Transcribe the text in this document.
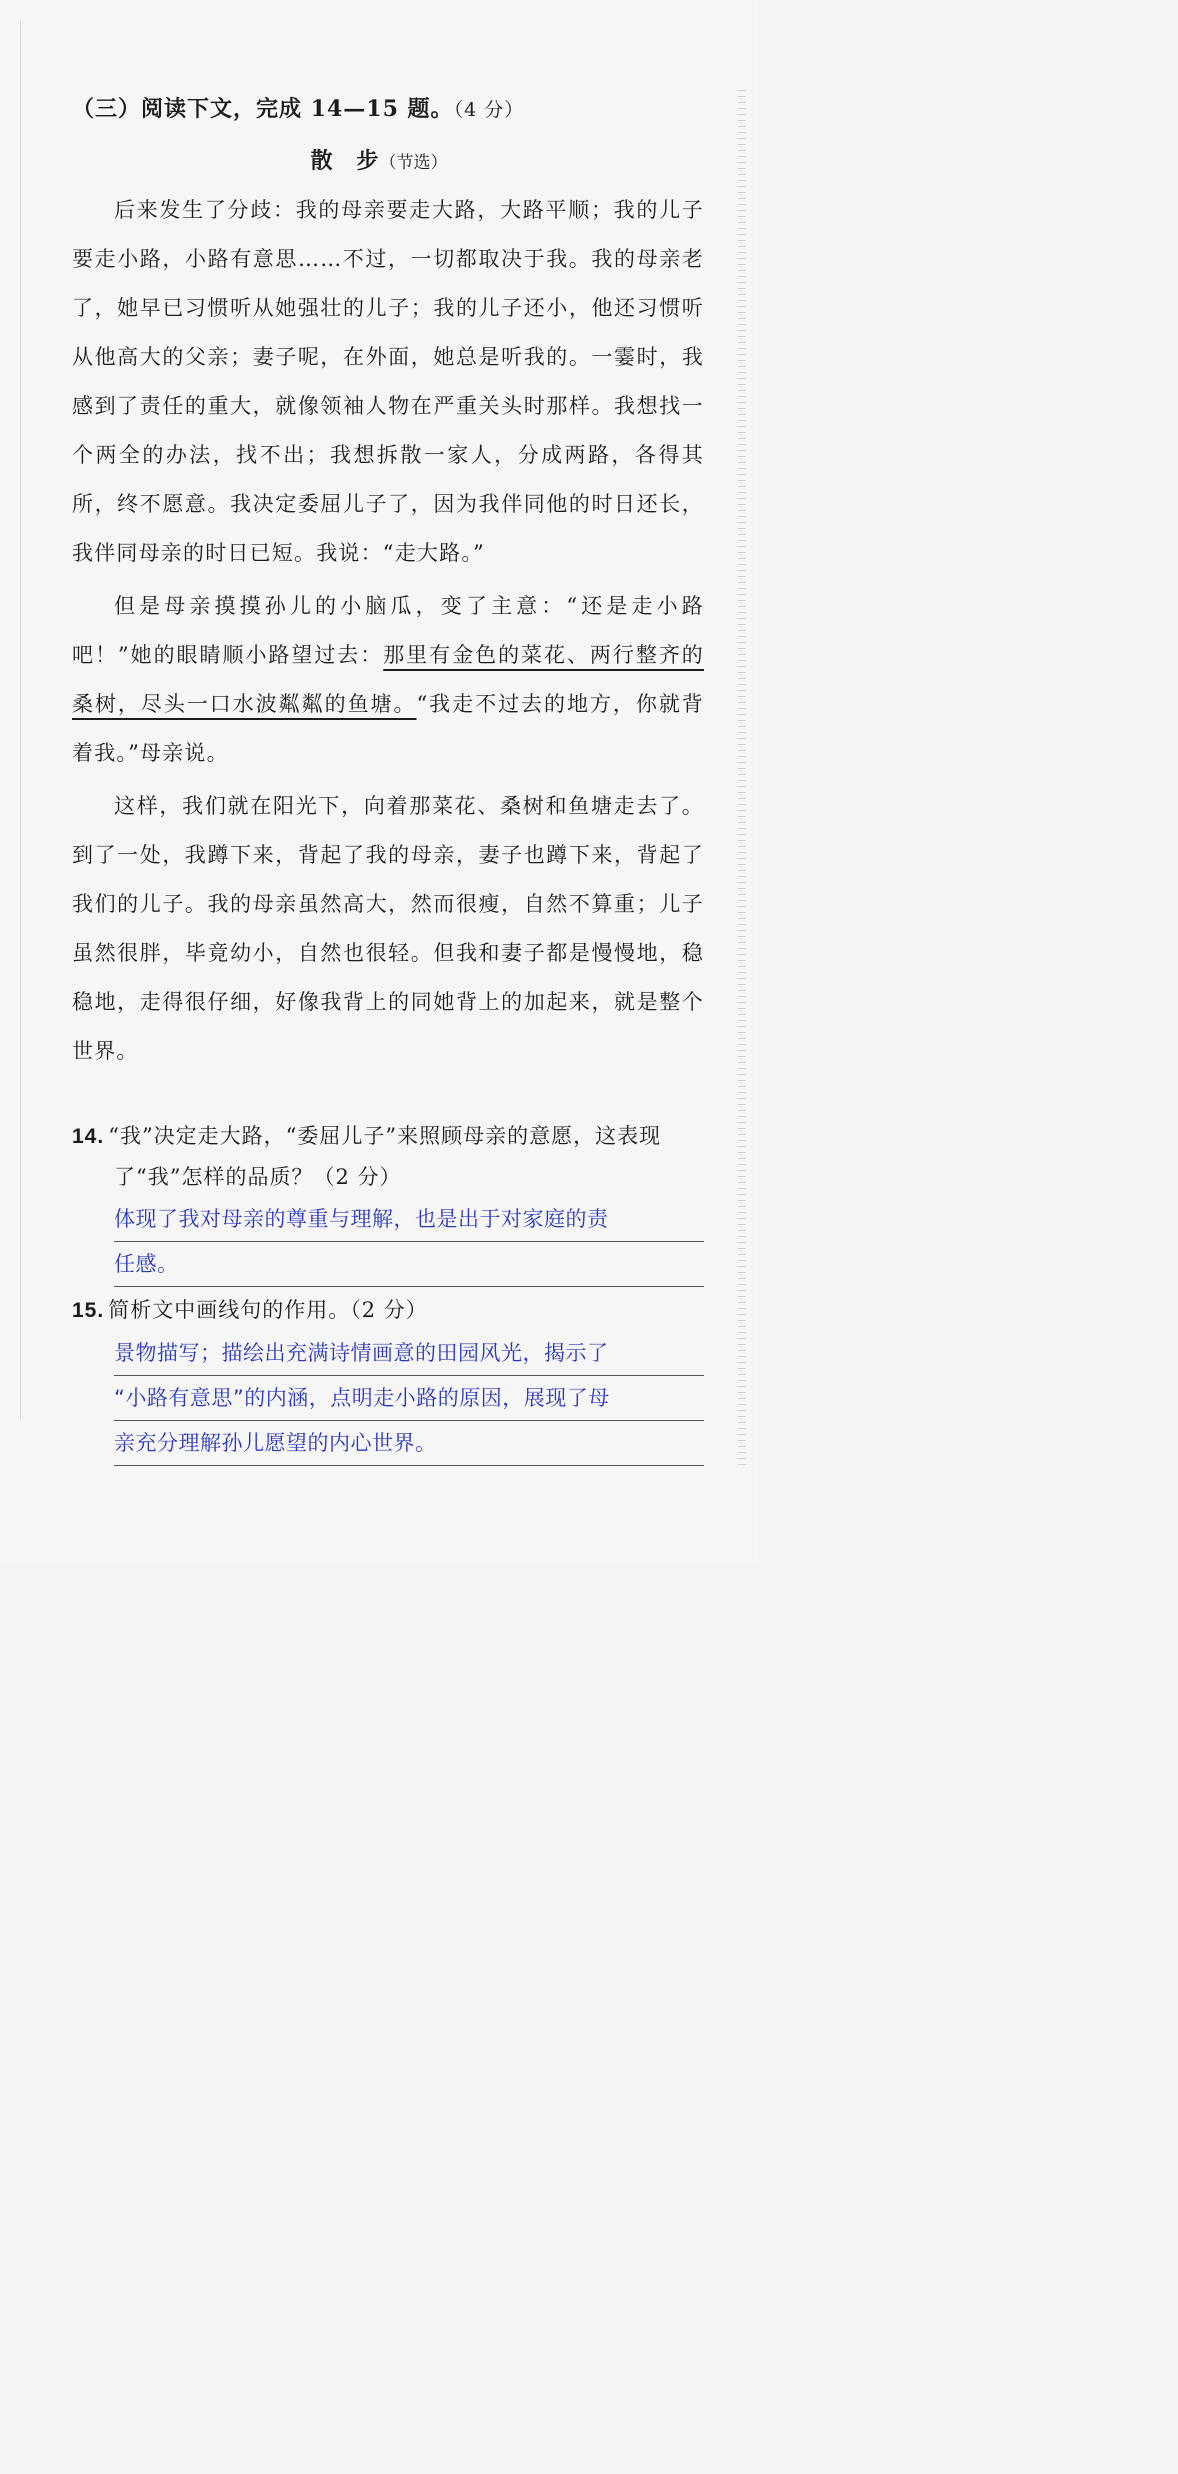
（三）阅读下文，完成 14—15 题。（4 分）
散　步（节选）

后来发生了分歧：我的母亲要走大路，大路平顺；我的儿子要走小路，小路有意思……不过，一切都取决于我。我的母亲老了，她早已习惯听从她强壮的儿子；我的儿子还小，他还习惯听从他高大的父亲；妻子呢，在外面，她总是听我的。一霎时，我感到了责任的重大，就像领袖人物在严重关头时那样。我想找一个两全的办法，找不出；我想拆散一家人，分成两路，各得其所，终不愿意。我决定委屈儿子了，因为我伴同他的时日还长，我伴同母亲的时日已短。我说：“走大路。”

但是母亲摸摸孙儿的小脑瓜，变了主意：“还是走小路吧！”她的眼睛顺小路望过去：那里有金色的菜花、两行整齐的桑树，尽头一口水波粼粼的鱼塘。“我走不过去的地方，你就背着我。”母亲说。

这样，我们就在阳光下，向着那菜花、桑树和鱼塘走去了。到了一处，我蹲下来，背起了我的母亲，妻子也蹲下来，背起了我们的儿子。我的母亲虽然高大，然而很瘦，自然不算重；儿子虽然很胖，毕竟幼小，自然也很轻。但我和妻子都是慢慢地，稳稳地，走得很仔细，好像我背上的同她背上的加起来，就是整个世界。

14. “我”决定走大路，“委屈儿子”来照顾母亲的意愿，这表现了“我”怎样的品质？（2 分）
体现了我对母亲的尊重与理解，也是出于对家庭的责
任感。
15. 简析文中画线句的作用。（2 分）
景物描写；描绘出充满诗情画意的田园风光，揭示了
“小路有意思”的内涵，点明走小路的原因，展现了母
亲充分理解孙儿愿望的内心世界。
